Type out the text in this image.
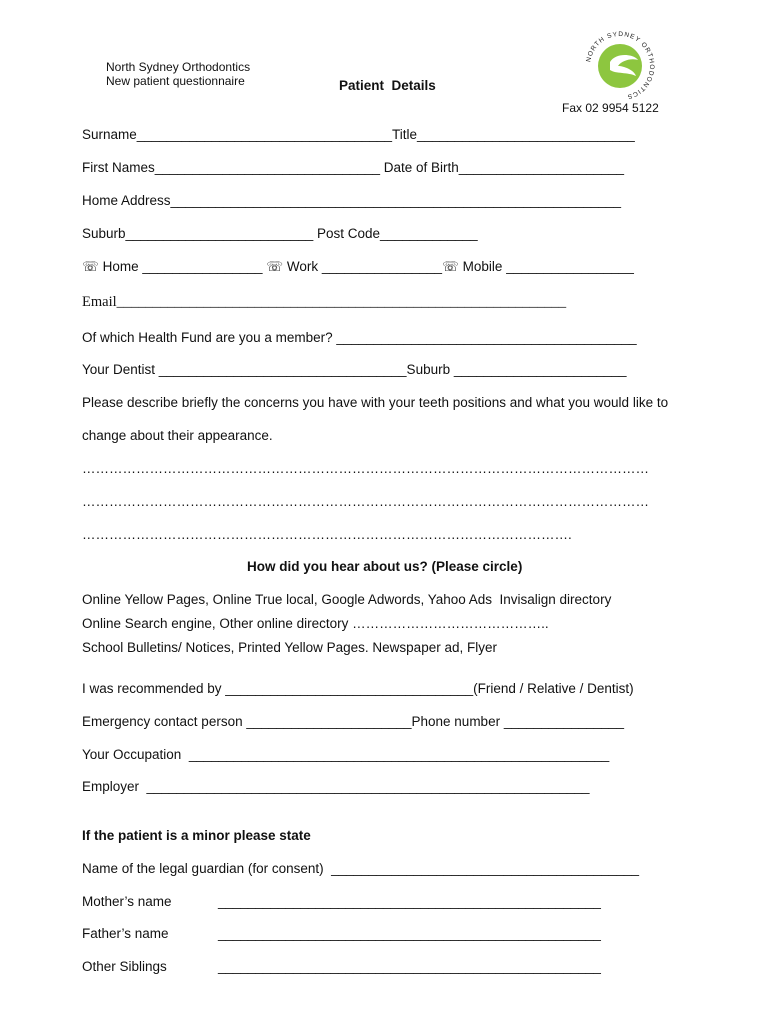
North Sydney Orthodontics
New patient questionnaire	Patient  Details
Fax 02 9954 5122
NORTH SYDNEY ORTHODONTICS
Surname__________________________________Title_____________________________
First Names______________________________ Date of Birth______________________
Home Address____________________________________________________________
Suburb_________________________ Post Code_____________
☏ Home ________________ ☏ Work ________________☏ Mobile _________________
Email______________________________________________________________
Of which Health Fund are you a member? ________________________________________
Your Dentist _________________________________Suburb _______________________
Please describe briefly the concerns you have with your teeth positions and what you would like to
change about their appearance.
………………………………………………………………………………………………………………
………………………………………………………………………………………………………………
……………………………………………………………………………………………….
How did you hear about us? (Please circle)
Online Yellow Pages, Online True local, Google Adwords, Yahoo Ads  Invisalign directory
Online Search engine, Other online directory ……………………………………..
School Bulletins/ Notices, Printed Yellow Pages. Newspaper ad, Flyer
I was recommended by _________________________________(Friend / Relative / Dentist)
Emergency contact person ______________________Phone number ________________
Your Occupation  ________________________________________________________
Employer  ___________________________________________________________
If the patient is a minor please state
Name of the legal guardian (for consent)  _________________________________________
Mother’s name	___________________________________________________
Father’s name	___________________________________________________
Other Siblings	___________________________________________________
